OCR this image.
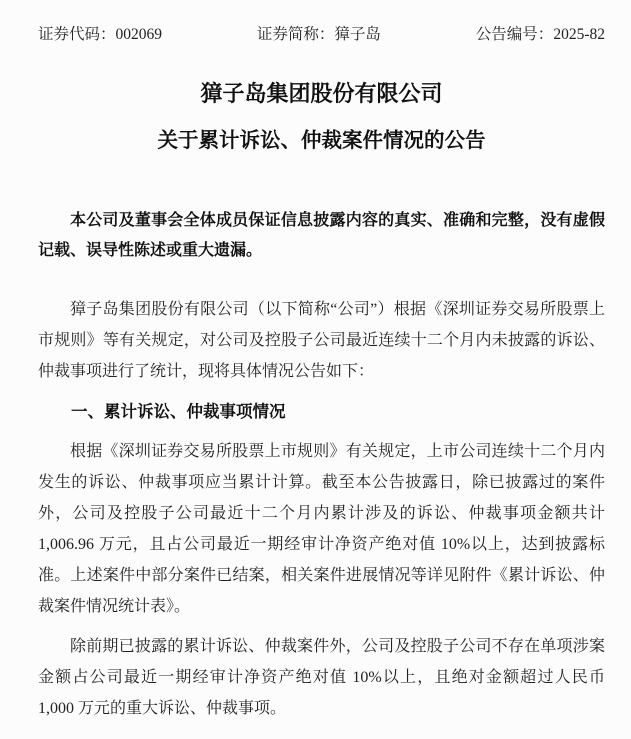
证券代码：002069	证券简称：獐子岛	公告编号：2025-82
獐子岛集团股份有限公司
关于累计诉讼、仲裁案件情况的公告

本公司及董事会全体成员保证信息披露内容的真实、准确和完整，没有虚假记载、误导性陈述或重大遗漏。

獐子岛集团股份有限公司（以下简称“公司”）根据《深圳证券交易所股票上市规则》等有关规定，对公司及控股子公司最近连续十二个月内未披露的诉讼、仲裁事项进行了统计，现将具体情况公告如下：

一、累计诉讼、仲裁事项情况

根据《深圳证券交易所股票上市规则》有关规定，上市公司连续十二个月内发生的诉讼、仲裁事项应当累计计算。截至本公告披露日，除已披露过的案件外，公司及控股子公司最近十二个月内累计涉及的诉讼、仲裁事项金额共计 1,006.96 万元，且占公司最近一期经审计净资产绝对值 10%以上，达到披露标准。上述案件中部分案件已结案，相关案件进展情况等详见附件《累计诉讼、仲裁案件情况统计表》。

除前期已披露的累计诉讼、仲裁案件外，公司及控股子公司不存在单项涉案金额占公司最近一期经审计净资产绝对值 10%以上，且绝对金额超过人民币 1,000 万元的重大诉讼、仲裁事项。
